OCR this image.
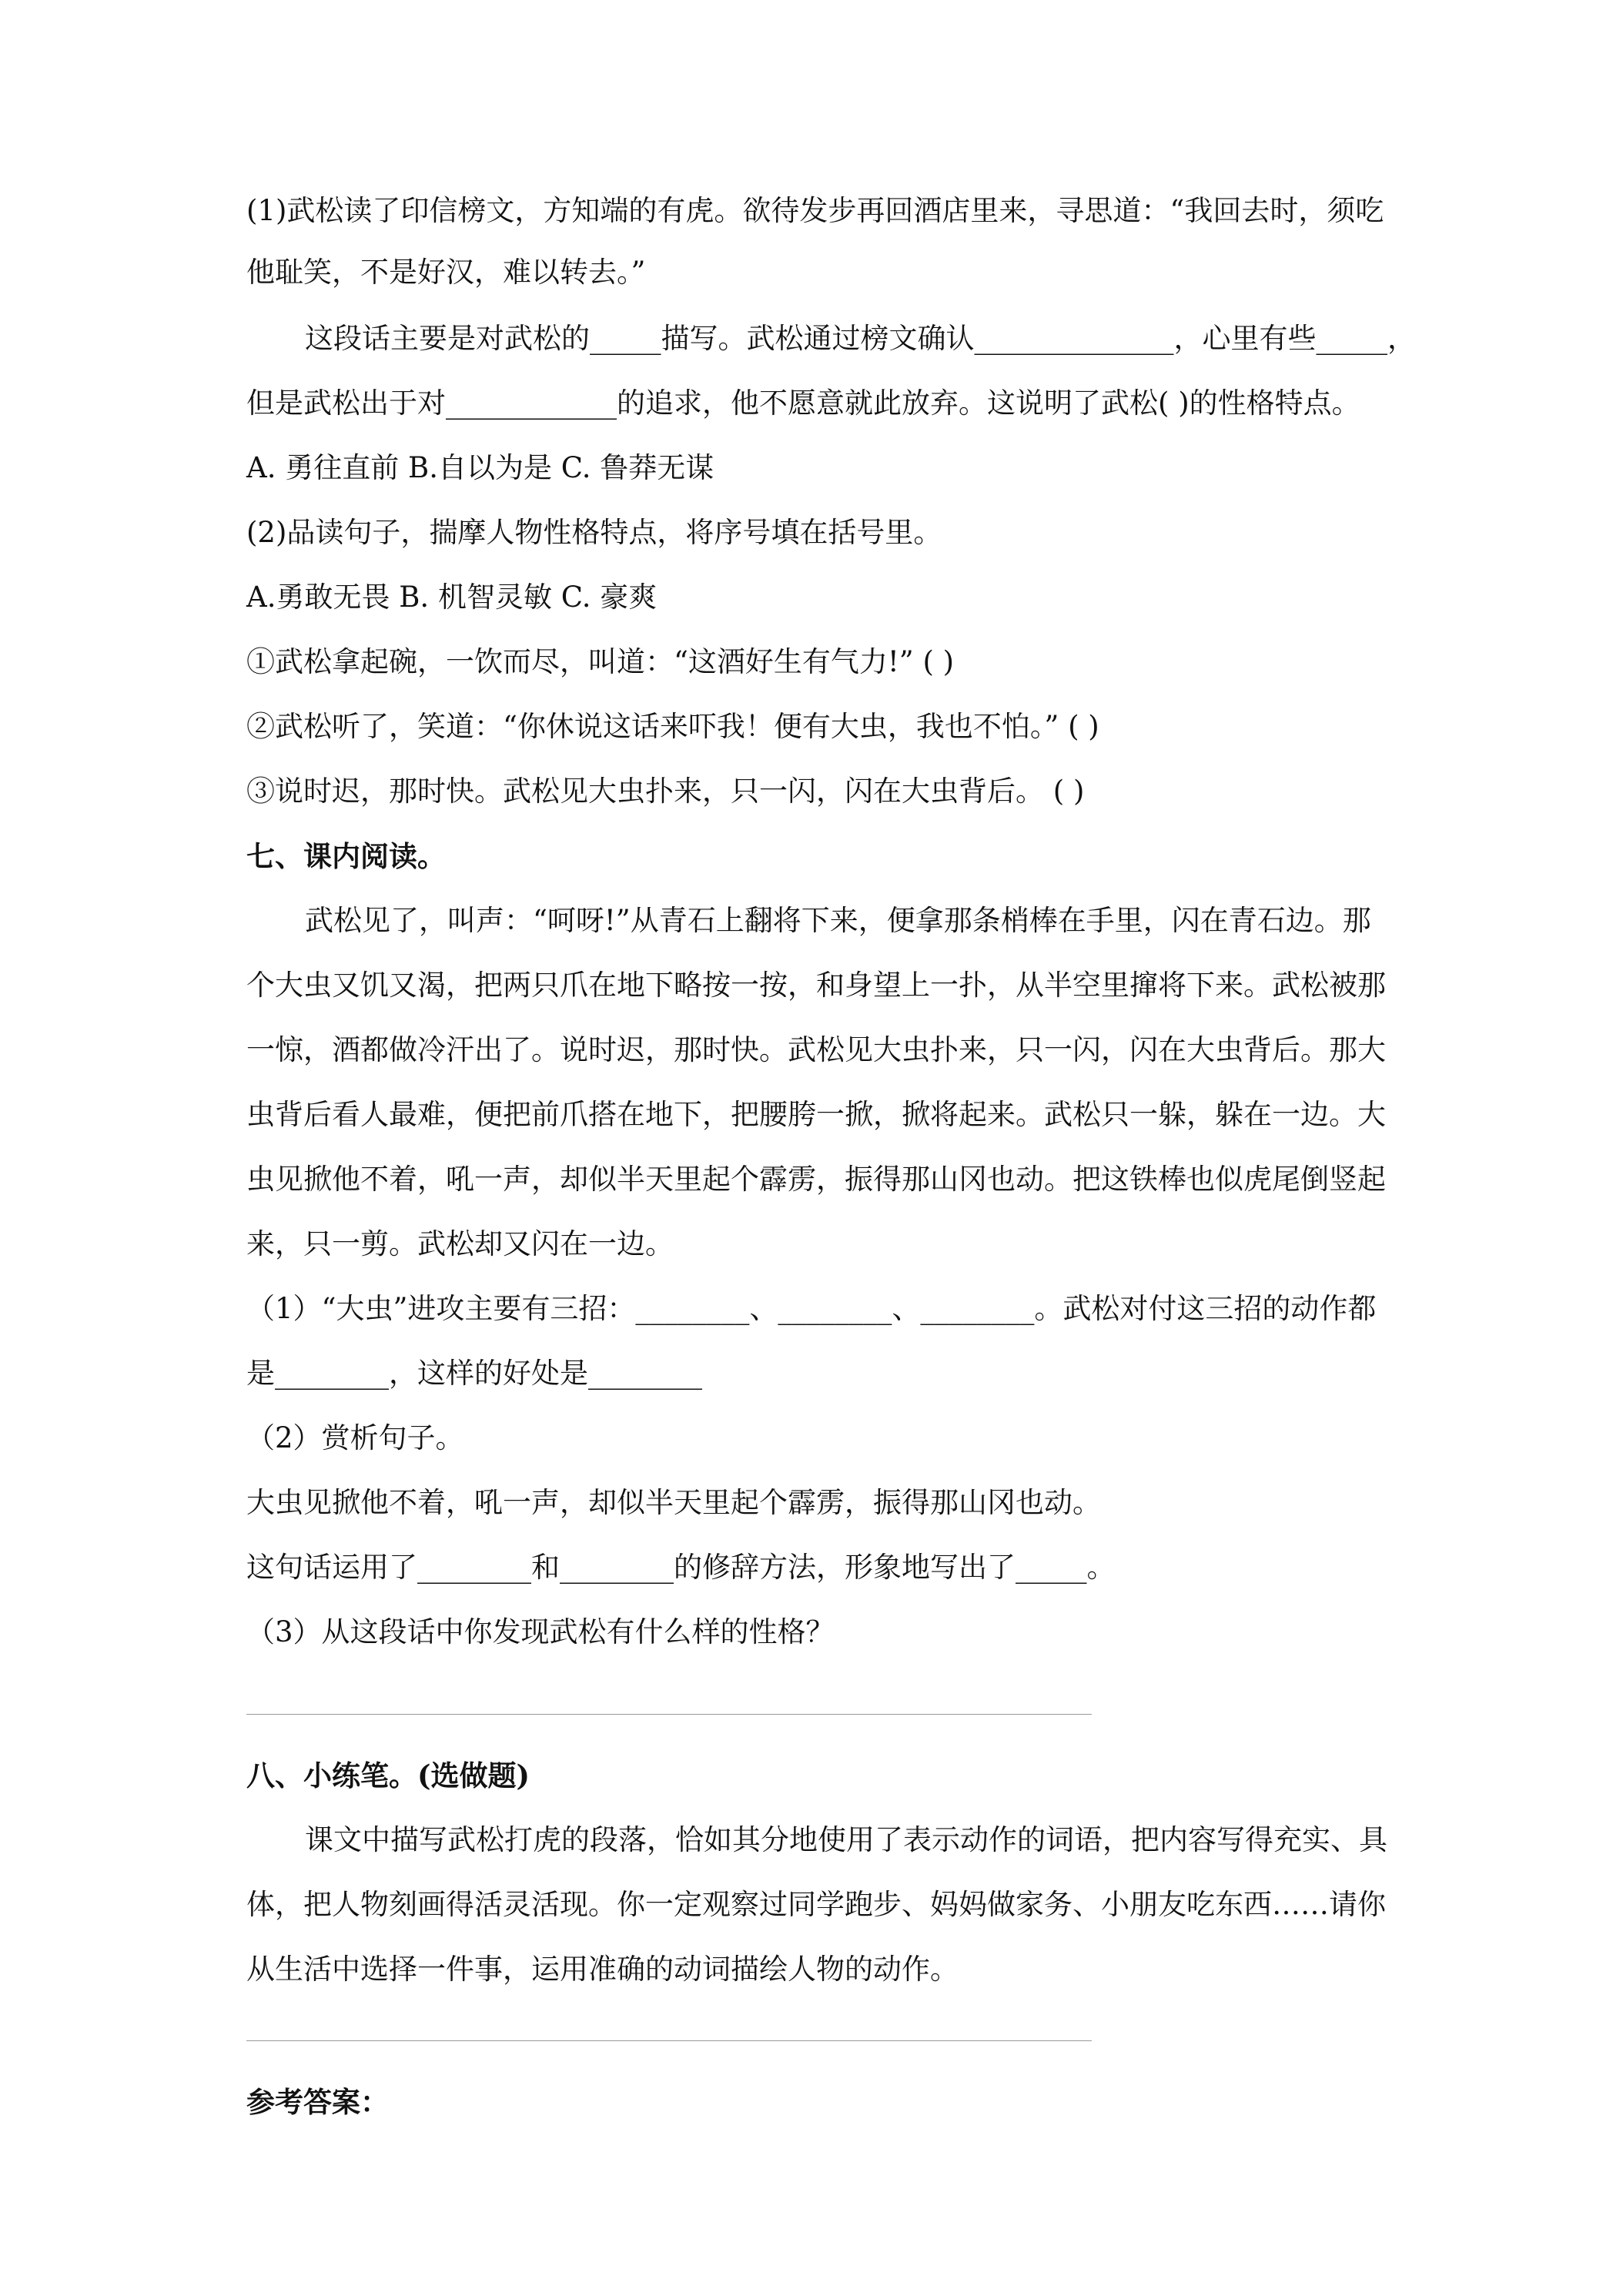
(1)武松读了印信榜文，方知端的有虎。欲待发步再回酒店里来，寻思道：“我回去时，须吃

他耻笑，不是好汉，难以转去。”

这段话主要是对武松的_____描写。武松通过榜文确认______________，心里有些_____，

但是武松出于对____________的追求，他不愿意就此放弃。这说明了武松( )的性格特点。

A. 勇往直前 B.自以为是 C. 鲁莽无谋

(2)品读句子，揣摩人物性格特点，将序号填在括号里。

A.勇敢无畏 B. 机智灵敏 C. 豪爽

①武松拿起碗，一饮而尽，叫道：“这酒好生有气力!” ( )

②武松听了，笑道：“你休说这话来吓我！便有大虫，我也不怕。” ( )

③说时迟，那时快。武松见大虫扑来，只一闪，闪在大虫背后。 ( )

七、课内阅读。

武松见了，叫声：“呵呀!”从青石上翻将下来，便拿那条梢棒在手里，闪在青石边。那

个大虫又饥又渴，把两只爪在地下略按一按，和身望上一扑，从半空里撺将下来。武松被那

一惊，酒都做冷汗出了。说时迟，那时快。武松见大虫扑来，只一闪，闪在大虫背后。那大

虫背后看人最难，便把前爪搭在地下，把腰胯一掀，掀将起来。武松只一躲，躲在一边。大

虫见掀他不着，吼一声，却似半天里起个霹雳，振得那山冈也动。把这铁棒也似虎尾倒竖起

来，只一剪。武松却又闪在一边。

（1）“大虫”进攻主要有三招：________、________、________。武松对付这三招的动作都

是________，这样的好处是________

（2）赏析句子。

大虫见掀他不着，吼一声，却似半天里起个霹雳，振得那山冈也动。

这句话运用了________和________的修辞方法，形象地写出了_____。

（3）从这段话中你发现武松有什么样的性格？

八、小练笔。(选做题)

课文中描写武松打虎的段落，恰如其分地使用了表示动作的词语，把内容写得充实、具

体，把人物刻画得活灵活现。你一定观察过同学跑步、妈妈做家务、小朋友吃东西……请你

从生活中选择一件事，运用准确的动词描绘人物的动作。

参考答案：
